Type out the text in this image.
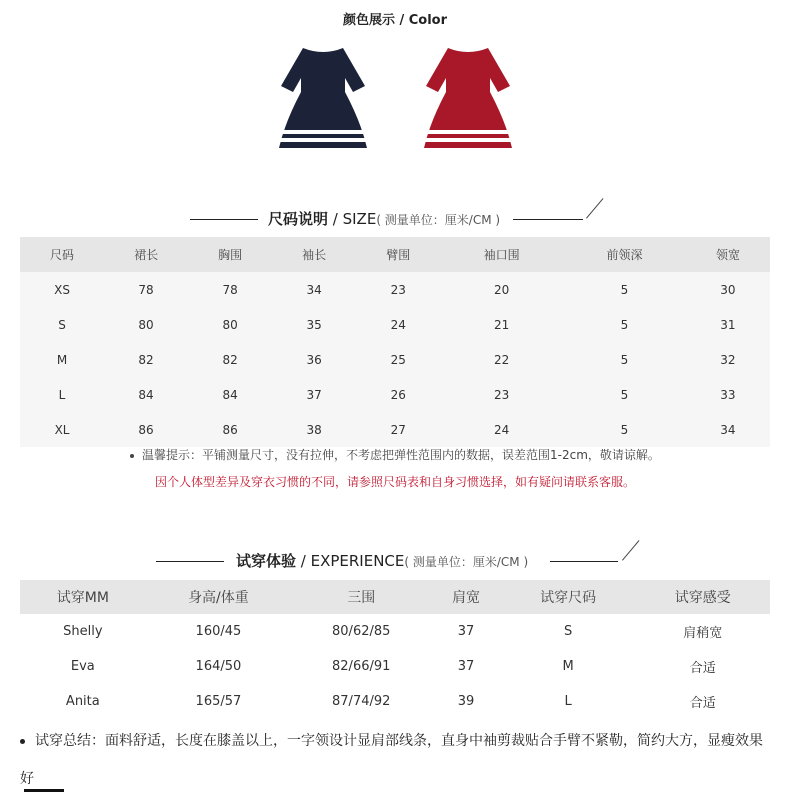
颜色展示 / Color
尺码说明 / SIZE( 测量单位：厘米/CM )
尺码	裙长	胸围	袖长	臂围	袖口围	前领深	领宽
XS	78	78	34	23	20	5	30
S	80	80	35	24	21	5	31
M	82	82	36	25	22	5	32
L	84	84	37	26	23	5	33
XL	86	86	38	27	24	5	34
温馨提示：平铺测量尺寸，没有拉伸，不考虑把弹性范围内的数据，误差范围1-2cm，敬请谅解。
因个人体型差异及穿衣习惯的不同，请参照尺码表和自身习惯选择，如有疑问请联系客服。
试穿体验 / EXPERIENCE( 测量单位：厘米/CM )
试穿MM	身高/体重	三围	肩宽	试穿尺码	试穿感受
Shelly	160/45	80/62/85	37	S	肩稍宽
Eva	164/50	82/66/91	37	M	合适
Anita	165/57	87/74/92	39	L	合适
试穿总结：面料舒适，长度在膝盖以上，一字领设计显肩部线条，直身中袖剪裁贴合手臂不紧勒，简约大方，显瘦效果好
